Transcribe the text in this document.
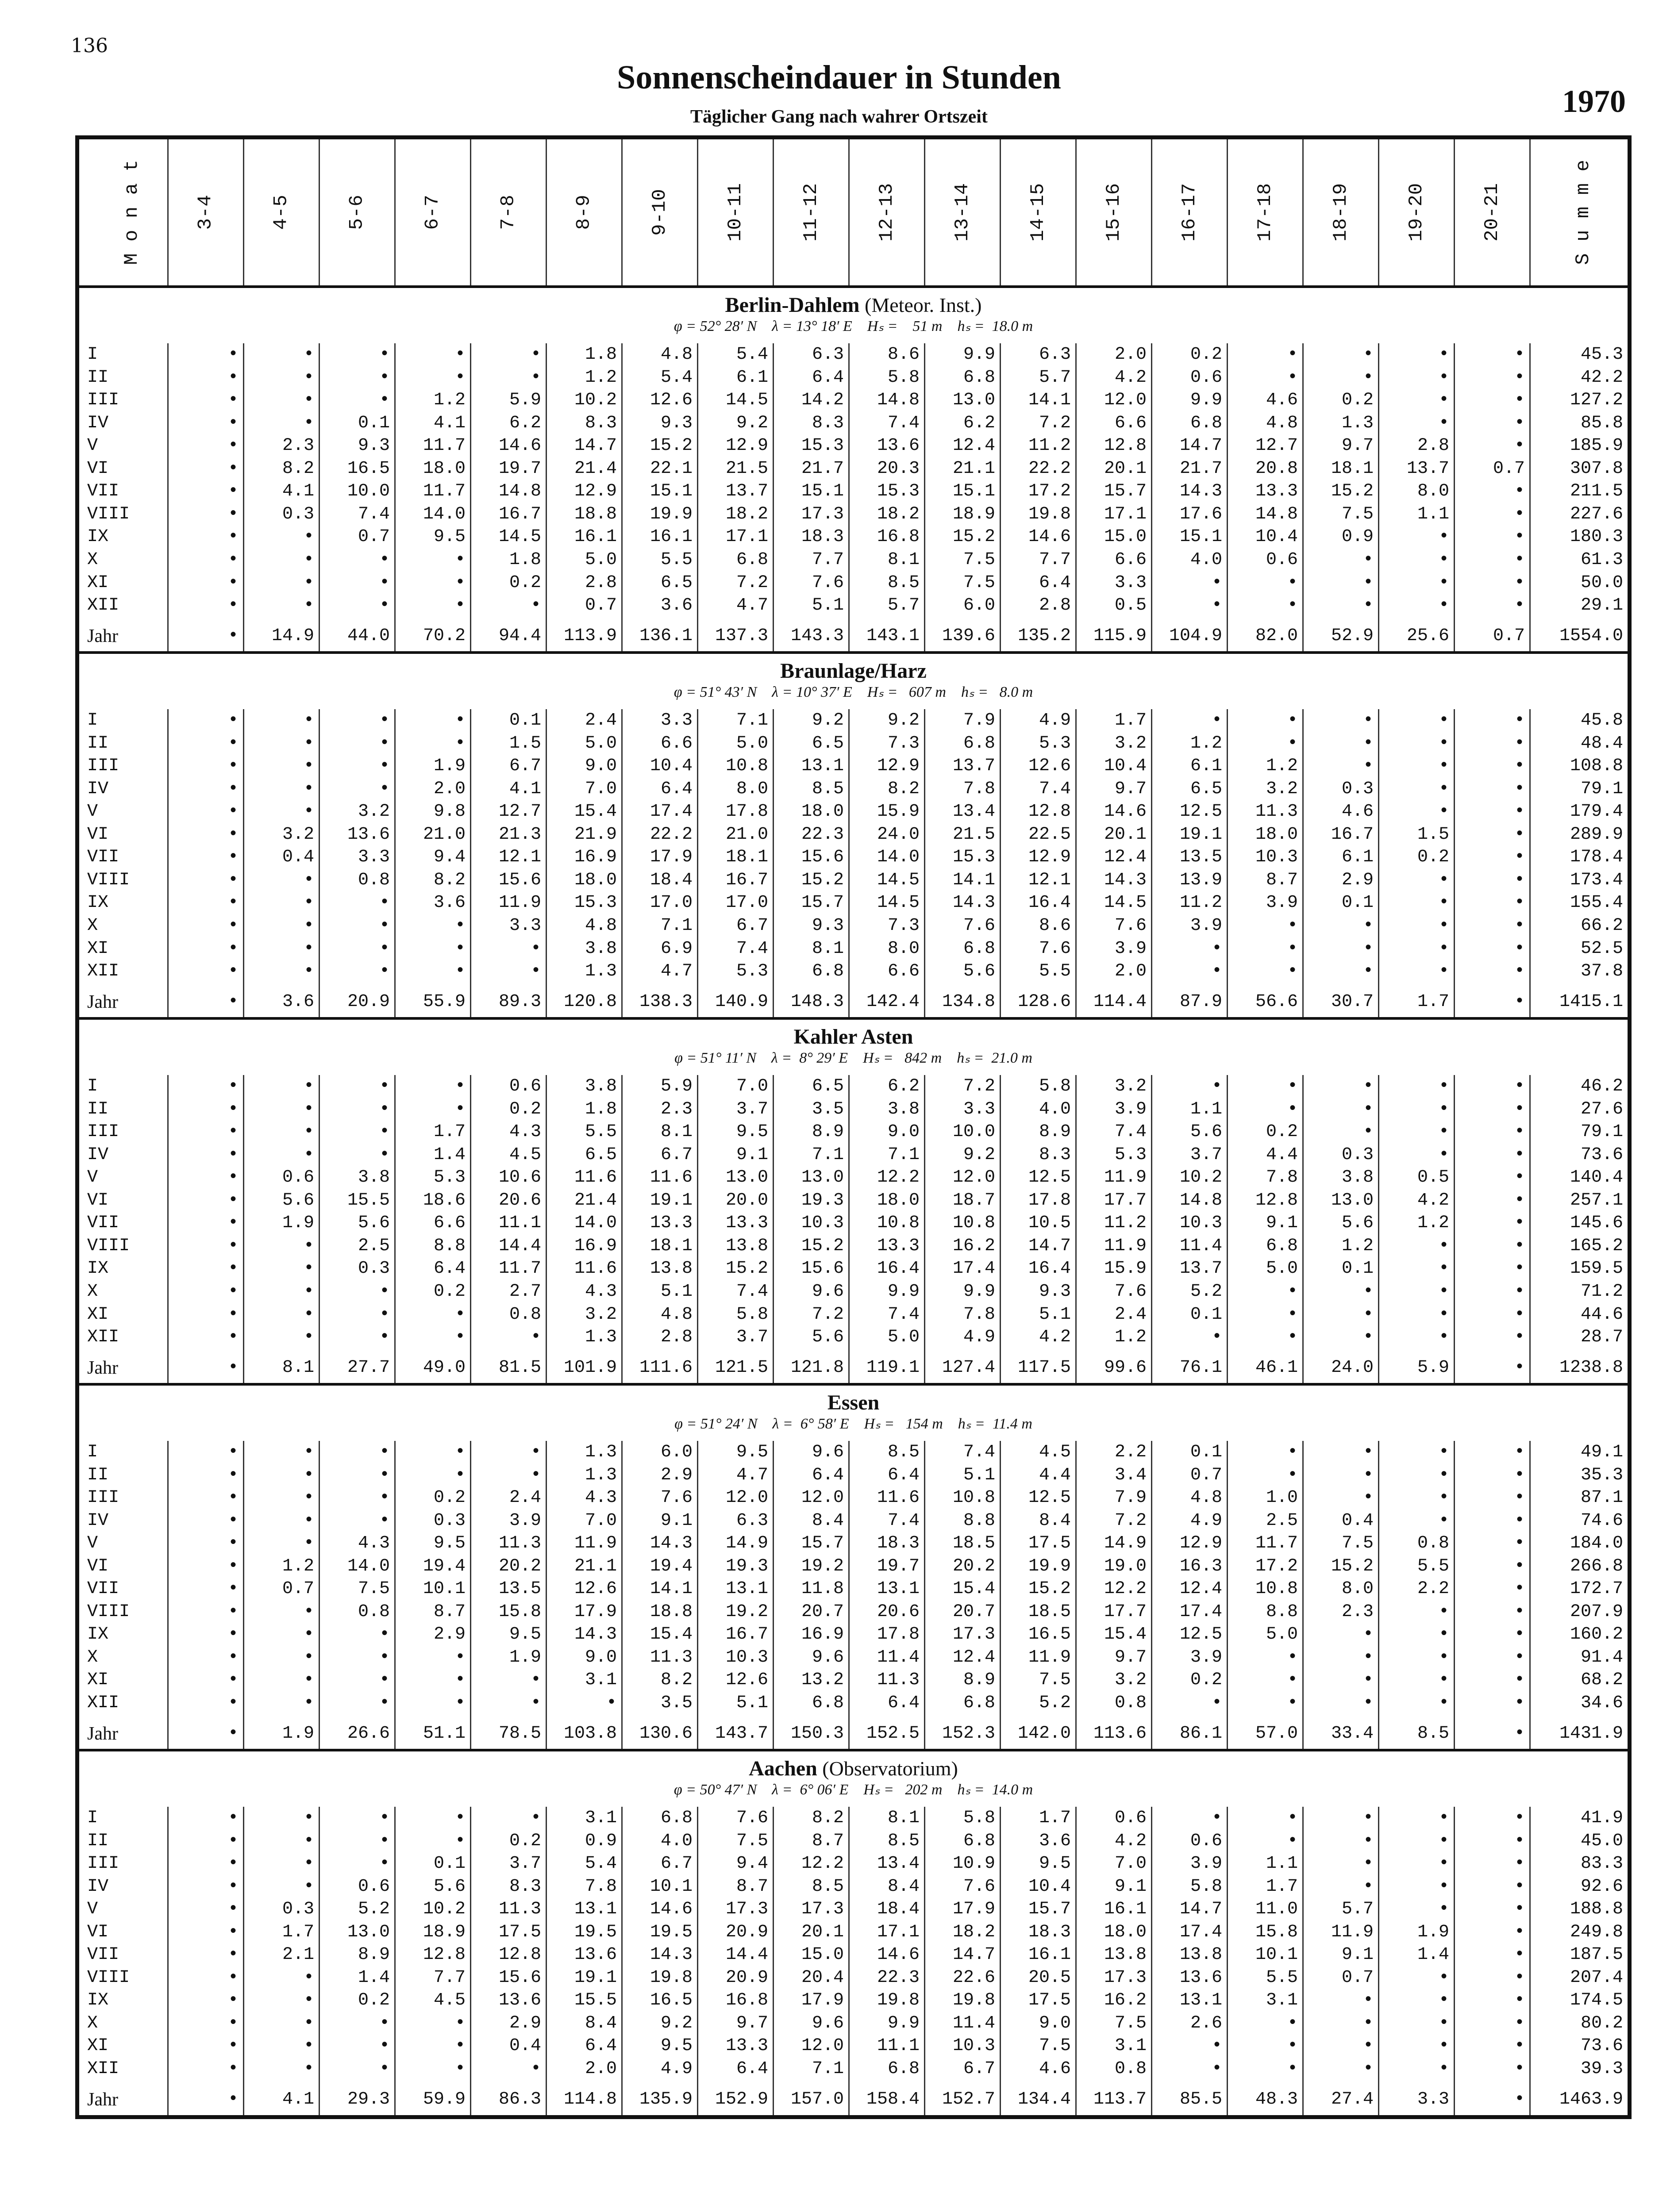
136
Sonnenscheindauer in Stunden
Täglicher Gang nach wahrer Ortszeit	1970
M o n a t	3-4	4-5	5-6	6-7	7-8	8-9	9-10	10-11	11-12	12-13	13-14	14-15	15-16	16-17	17-18	18-19	19-20	20-21	S u m m e
Berlin-Dahlem (Meteor. Inst.)																			
φ = 52° 28′ N    λ = 13° 18′ E    Hₛ =    51 m    hₛ =  18.0 m																			
I	•	•	•	•	•	1.8	4.8	5.4	6.3	8.6	9.9	6.3	2.0	0.2	•	•	•	•	45.3
II	•	•	•	•	•	1.2	5.4	6.1	6.4	5.8	6.8	5.7	4.2	0.6	•	•	•	•	42.2
III	•	•	•	1.2	5.9	10.2	12.6	14.5	14.2	14.8	13.0	14.1	12.0	9.9	4.6	0.2	•	•	127.2
IV	•	•	0.1	4.1	6.2	8.3	9.3	9.2	8.3	7.4	6.2	7.2	6.6	6.8	4.8	1.3	•	•	85.8
V	•	2.3	9.3	11.7	14.6	14.7	15.2	12.9	15.3	13.6	12.4	11.2	12.8	14.7	12.7	9.7	2.8	•	185.9
VI	•	8.2	16.5	18.0	19.7	21.4	22.1	21.5	21.7	20.3	21.1	22.2	20.1	21.7	20.8	18.1	13.7	0.7	307.8
VII	•	4.1	10.0	11.7	14.8	12.9	15.1	13.7	15.1	15.3	15.1	17.2	15.7	14.3	13.3	15.2	8.0	•	211.5
VIII	•	0.3	7.4	14.0	16.7	18.8	19.9	18.2	17.3	18.2	18.9	19.8	17.1	17.6	14.8	7.5	1.1	•	227.6
IX	•	•	0.7	9.5	14.5	16.1	16.1	17.1	18.3	16.8	15.2	14.6	15.0	15.1	10.4	0.9	•	•	180.3
X	•	•	•	•	1.8	5.0	5.5	6.8	7.7	8.1	7.5	7.7	6.6	4.0	0.6	•	•	•	61.3
XI	•	•	•	•	0.2	2.8	6.5	7.2	7.6	8.5	7.5	6.4	3.3	•	•	•	•	•	50.0
XII	•	•	•	•	•	0.7	3.6	4.7	5.1	5.7	6.0	2.8	0.5	•	•	•	•	•	29.1

Jahr	•	14.9	44.0	70.2	94.4	113.9	136.1	137.3	143.3	143.1	139.6	135.2	115.9	104.9	82.0	52.9	25.6	0.7	1554.0
Braunlage/Harz																			
φ = 51° 43′ N    λ = 10° 37′ E    Hₛ =   607 m    hₛ =   8.0 m																			
I	•	•	•	•	0.1	2.4	3.3	7.1	9.2	9.2	7.9	4.9	1.7	•	•	•	•	•	45.8
II	•	•	•	•	1.5	5.0	6.6	5.0	6.5	7.3	6.8	5.3	3.2	1.2	•	•	•	•	48.4
III	•	•	•	1.9	6.7	9.0	10.4	10.8	13.1	12.9	13.7	12.6	10.4	6.1	1.2	•	•	•	108.8
IV	•	•	•	2.0	4.1	7.0	6.4	8.0	8.5	8.2	7.8	7.4	9.7	6.5	3.2	0.3	•	•	79.1
V	•	•	3.2	9.8	12.7	15.4	17.4	17.8	18.0	15.9	13.4	12.8	14.6	12.5	11.3	4.6	•	•	179.4
VI	•	3.2	13.6	21.0	21.3	21.9	22.2	21.0	22.3	24.0	21.5	22.5	20.1	19.1	18.0	16.7	1.5	•	289.9
VII	•	0.4	3.3	9.4	12.1	16.9	17.9	18.1	15.6	14.0	15.3	12.9	12.4	13.5	10.3	6.1	0.2	•	178.4
VIII	•	•	0.8	8.2	15.6	18.0	18.4	16.7	15.2	14.5	14.1	12.1	14.3	13.9	8.7	2.9	•	•	173.4
IX	•	•	•	3.6	11.9	15.3	17.0	17.0	15.7	14.5	14.3	16.4	14.5	11.2	3.9	0.1	•	•	155.4
X	•	•	•	•	3.3	4.8	7.1	6.7	9.3	7.3	7.6	8.6	7.6	3.9	•	•	•	•	66.2
XI	•	•	•	•	•	3.8	6.9	7.4	8.1	8.0	6.8	7.6	3.9	•	•	•	•	•	52.5
XII	•	•	•	•	•	1.3	4.7	5.3	6.8	6.6	5.6	5.5	2.0	•	•	•	•	•	37.8

Jahr	•	3.6	20.9	55.9	89.3	120.8	138.3	140.9	148.3	142.4	134.8	128.6	114.4	87.9	56.6	30.7	1.7	•	1415.1
Kahler Asten																			
φ = 51° 11′ N    λ =  8° 29′ E    Hₛ =   842 m    hₛ =  21.0 m																			
I	•	•	•	•	0.6	3.8	5.9	7.0	6.5	6.2	7.2	5.8	3.2	•	•	•	•	•	46.2
II	•	•	•	•	0.2	1.8	2.3	3.7	3.5	3.8	3.3	4.0	3.9	1.1	•	•	•	•	27.6
III	•	•	•	1.7	4.3	5.5	8.1	9.5	8.9	9.0	10.0	8.9	7.4	5.6	0.2	•	•	•	79.1
IV	•	•	•	1.4	4.5	6.5	6.7	9.1	7.1	7.1	9.2	8.3	5.3	3.7	4.4	0.3	•	•	73.6
V	•	0.6	3.8	5.3	10.6	11.6	11.6	13.0	13.0	12.2	12.0	12.5	11.9	10.2	7.8	3.8	0.5	•	140.4
VI	•	5.6	15.5	18.6	20.6	21.4	19.1	20.0	19.3	18.0	18.7	17.8	17.7	14.8	12.8	13.0	4.2	•	257.1
VII	•	1.9	5.6	6.6	11.1	14.0	13.3	13.3	10.3	10.8	10.8	10.5	11.2	10.3	9.1	5.6	1.2	•	145.6
VIII	•	•	2.5	8.8	14.4	16.9	18.1	13.8	15.2	13.3	16.2	14.7	11.9	11.4	6.8	1.2	•	•	165.2
IX	•	•	0.3	6.4	11.7	11.6	13.8	15.2	15.6	16.4	17.4	16.4	15.9	13.7	5.0	0.1	•	•	159.5
X	•	•	•	0.2	2.7	4.3	5.1	7.4	9.6	9.9	9.9	9.3	7.6	5.2	•	•	•	•	71.2
XI	•	•	•	•	0.8	3.2	4.8	5.8	7.2	7.4	7.8	5.1	2.4	0.1	•	•	•	•	44.6
XII	•	•	•	•	•	1.3	2.8	3.7	5.6	5.0	4.9	4.2	1.2	•	•	•	•	•	28.7

Jahr	•	8.1	27.7	49.0	81.5	101.9	111.6	121.5	121.8	119.1	127.4	117.5	99.6	76.1	46.1	24.0	5.9	•	1238.8
Essen																			
φ = 51° 24′ N    λ =  6° 58′ E    Hₛ =   154 m    hₛ =  11.4 m																			
I	•	•	•	•	•	1.3	6.0	9.5	9.6	8.5	7.4	4.5	2.2	0.1	•	•	•	•	49.1
II	•	•	•	•	•	1.3	2.9	4.7	6.4	6.4	5.1	4.4	3.4	0.7	•	•	•	•	35.3
III	•	•	•	0.2	2.4	4.3	7.6	12.0	12.0	11.6	10.8	12.5	7.9	4.8	1.0	•	•	•	87.1
IV	•	•	•	0.3	3.9	7.0	9.1	6.3	8.4	7.4	8.8	8.4	7.2	4.9	2.5	0.4	•	•	74.6
V	•	•	4.3	9.5	11.3	11.9	14.3	14.9	15.7	18.3	18.5	17.5	14.9	12.9	11.7	7.5	0.8	•	184.0
VI	•	1.2	14.0	19.4	20.2	21.1	19.4	19.3	19.2	19.7	20.2	19.9	19.0	16.3	17.2	15.2	5.5	•	266.8
VII	•	0.7	7.5	10.1	13.5	12.6	14.1	13.1	11.8	13.1	15.4	15.2	12.2	12.4	10.8	8.0	2.2	•	172.7
VIII	•	•	0.8	8.7	15.8	17.9	18.8	19.2	20.7	20.6	20.7	18.5	17.7	17.4	8.8	2.3	•	•	207.9
IX	•	•	•	2.9	9.5	14.3	15.4	16.7	16.9	17.8	17.3	16.5	15.4	12.5	5.0	•	•	•	160.2
X	•	•	•	•	1.9	9.0	11.3	10.3	9.6	11.4	12.4	11.9	9.7	3.9	•	•	•	•	91.4
XI	•	•	•	•	•	3.1	8.2	12.6	13.2	11.3	8.9	7.5	3.2	0.2	•	•	•	•	68.2
XII	•	•	•	•	•	•	3.5	5.1	6.8	6.4	6.8	5.2	0.8	•	•	•	•	•	34.6

Jahr	•	1.9	26.6	51.1	78.5	103.8	130.6	143.7	150.3	152.5	152.3	142.0	113.6	86.1	57.0	33.4	8.5	•	1431.9
Aachen (Observatorium)																			
φ = 50° 47′ N    λ =  6° 06′ E    Hₛ =   202 m    hₛ =  14.0 m																			
I	•	•	•	•	•	3.1	6.8	7.6	8.2	8.1	5.8	1.7	0.6	•	•	•	•	•	41.9
II	•	•	•	•	0.2	0.9	4.0	7.5	8.7	8.5	6.8	3.6	4.2	0.6	•	•	•	•	45.0
III	•	•	•	0.1	3.7	5.4	6.7	9.4	12.2	13.4	10.9	9.5	7.0	3.9	1.1	•	•	•	83.3
IV	•	•	0.6	5.6	8.3	7.8	10.1	8.7	8.5	8.4	7.6	10.4	9.1	5.8	1.7	•	•	•	92.6
V	•	0.3	5.2	10.2	11.3	13.1	14.6	17.3	17.3	18.4	17.9	15.7	16.1	14.7	11.0	5.7	•	•	188.8
VI	•	1.7	13.0	18.9	17.5	19.5	19.5	20.9	20.1	17.1	18.2	18.3	18.0	17.4	15.8	11.9	1.9	•	249.8
VII	•	2.1	8.9	12.8	12.8	13.6	14.3	14.4	15.0	14.6	14.7	16.1	13.8	13.8	10.1	9.1	1.4	•	187.5
VIII	•	•	1.4	7.7	15.6	19.1	19.8	20.9	20.4	22.3	22.6	20.5	17.3	13.6	5.5	0.7	•	•	207.4
IX	•	•	0.2	4.5	13.6	15.5	16.5	16.8	17.9	19.8	19.8	17.5	16.2	13.1	3.1	•	•	•	174.5
X	•	•	•	•	2.9	8.4	9.2	9.7	9.6	9.9	11.4	9.0	7.5	2.6	•	•	•	•	80.2
XI	•	•	•	•	0.4	6.4	9.5	13.3	12.0	11.1	10.3	7.5	3.1	•	•	•	•	•	73.6
XII	•	•	•	•	•	2.0	4.9	6.4	7.1	6.8	6.7	4.6	0.8	•	•	•	•	•	39.3

Jahr	•	4.1	29.3	59.9	86.3	114.8	135.9	152.9	157.0	158.4	152.7	134.4	113.7	85.5	48.3	27.4	3.3	•	1463.9
